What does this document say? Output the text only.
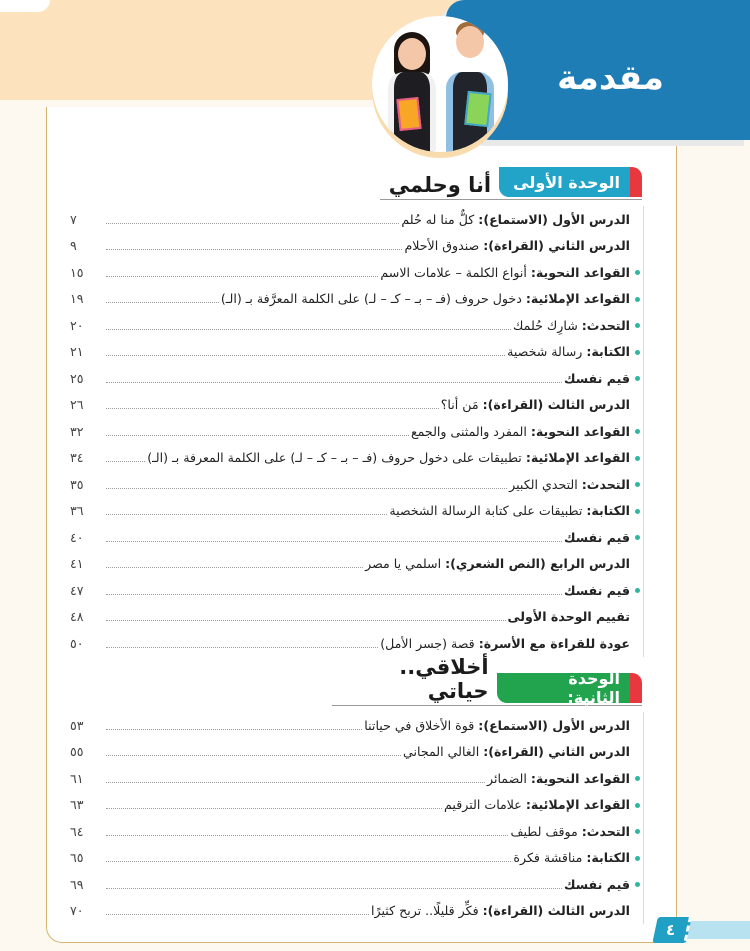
مقدمة
الوحدة الأولى
أنا وحلمي
الدرس الأول (الاستماع): كلٌّ منا له حُلم
٧
الدرس الثاني (القراءة): صندوق الأحلام
٩
القواعد النحوية: أنواع الكلمة – علامات الاسم
١٥
القواعد الإملائية: دخول حروف (فـ – بـ – كـ – لـ) على الكلمة المعرَّفة بـ (الـ)
١٩
التحدث: شارِك حُلمك
٢٠
الكتابة: رسالة شخصية
٢١
قيم نفسك
٢٥
الدرس الثالث (القراءة): مَن أنا؟
٢٦
القواعد النحوية: المفرد والمثنى والجمع
٣٢
القواعد الإملائية: تطبيقات على دخول حروف (فـ – بـ – كـ – لـ) على الكلمة المعرفة بـ (الـ)
٣٤
التحدث: التحدي الكبير
٣٥
الكتابة: تطبيقات على كتابة الرسالة الشخصية
٣٦
قيم نفسك
٤٠
الدرس الرابع (النص الشعري): اسلمي يا مصر
٤١
قيم نفسك
٤٧
تقييم الوحدة الأولى
٤٨
عودة للقراءة مع الأسرة: قصة (جسر الأمل)
٥٠
الوحدة الثانية:
أخلاقي.. حياتي
الدرس الأول (الاستماع): قوة الأخلاق في حياتنا
٥٣
الدرس الثاني (القراءة): الغالي المجاني
٥٥
القواعد النحوية: الضمائر
٦١
القواعد الإملائية: علامات الترقيم
٦٣
التحدث: موقف لطيف
٦٤
الكتابة: مناقشة فكرة
٦٥
قيم نفسك
٦٩
الدرس الثالث (القراءة): فكِّر قليلًا.. تربح كثيرًا
٧٠
٤
